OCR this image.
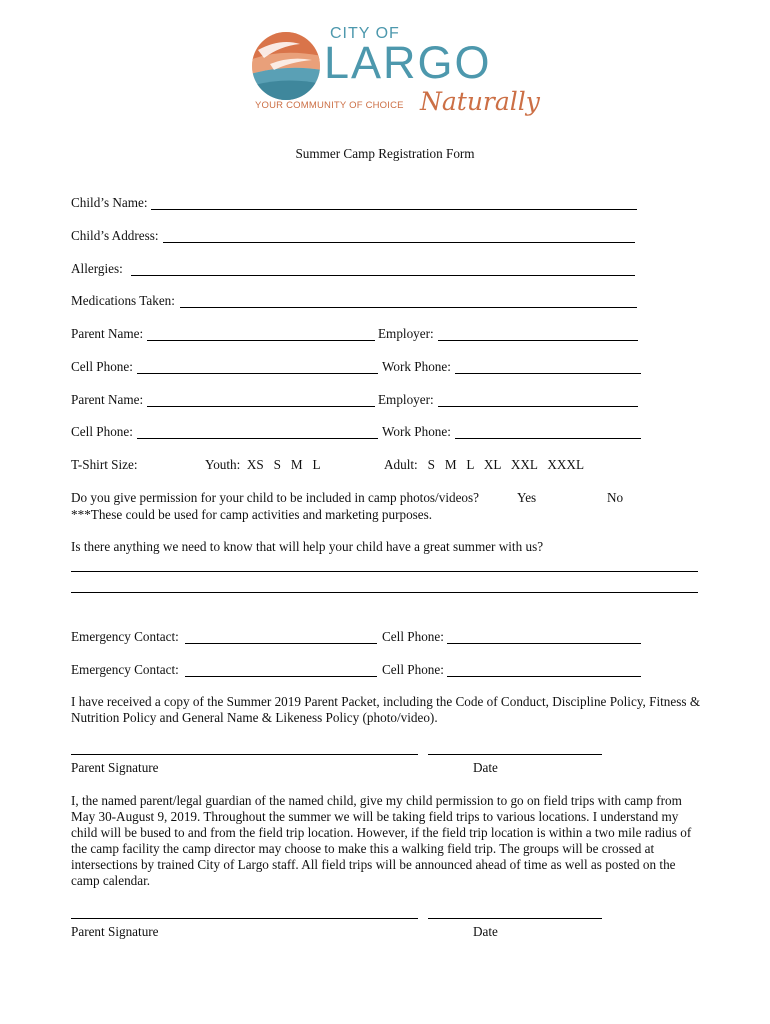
CITY OF
LARGO
YOUR COMMUNITY OF CHOICE Naturally
Summer Camp Registration Form
Child’s Name:
Child’s Address:
Allergies:
Medications Taken:
Parent Name:	Employer:
Cell Phone:	Work Phone:
Parent Name:	Employer:
Cell Phone:	Work Phone:
T-Shirt Size:	Youth:  XS   S   M   L	Adult:   S   M   L   XL   XXL   XXXL
Do you give permission for your child to be included in camp photos/videos?	Yes	No
***These could be used for camp activities and marketing purposes.
Is there anything we need to know that will help your child have a great summer with us?
Emergency Contact:	Cell Phone:
Emergency Contact:	Cell Phone:
I have received a copy of the Summer 2019 Parent Packet, including the Code of Conduct, Discipline Policy, Fitness & Nutrition Policy and General Name & Likeness Policy (photo/video).
Parent Signature	Date
I, the named parent/legal guardian of the named child, give my child permission to go on field trips with camp from May 30-August 9, 2019. Throughout the summer we will be taking field trips to various locations. I understand my child will be bused to and from the field trip location. However, if the field trip location is within a two mile radius of the camp facility the camp director may choose to make this a walking field trip. The groups will be crossed at intersections by trained City of Largo staff. All field trips will be announced ahead of time as well as posted on the camp calendar.
Parent Signature	Date
